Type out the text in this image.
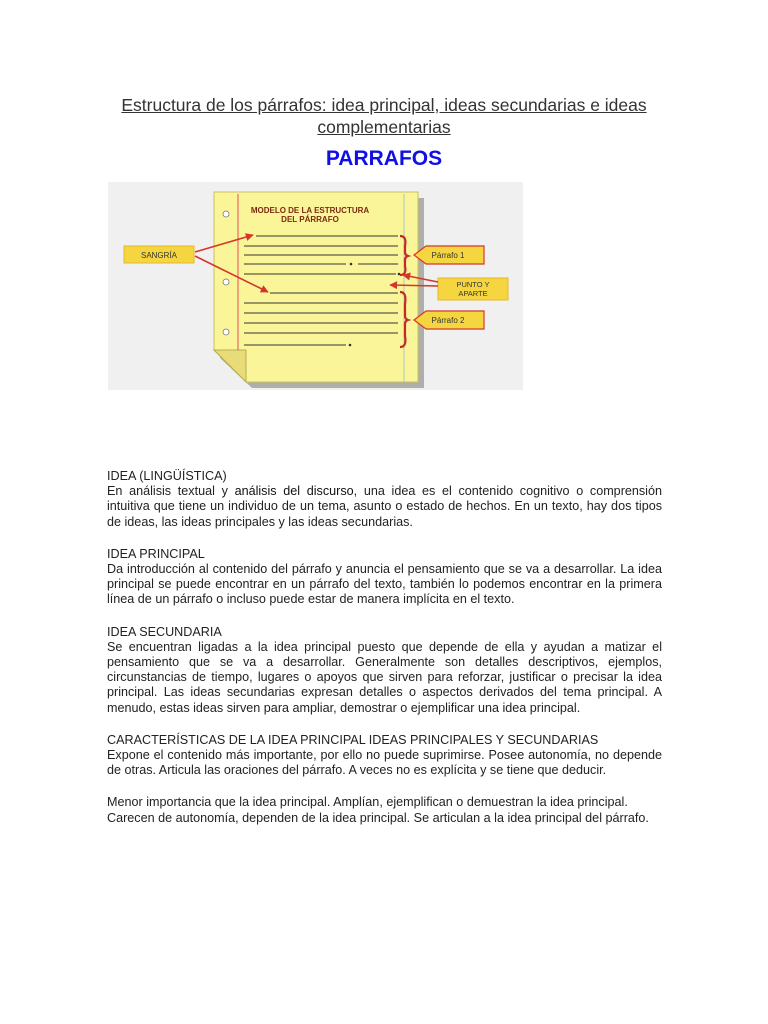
Estructura de los párrafos: idea principal, ideas secundarias e ideas complementarias
PARRAFOS
MODELO DE LA ESTRUCTURA
DEL PÁRRAFO
SANGRÍA	Párrafo 1
PUNTO Y
APARTE
Párrafo 2
IDEA (LINGÜÍSTICA)
En análisis textual y análisis del discurso, una idea es el contenido cognitivo o comprensión intuitiva que tiene un individuo de un tema, asunto o estado de hechos. En un texto, hay dos tipos de ideas, las ideas principales y las ideas secundarias.
IDEA PRINCIPAL
Da introducción al contenido del párrafo y anuncia el pensamiento que se va a desarrollar. La idea principal se puede encontrar en un párrafo del texto, también lo podemos encontrar en la primera línea de un párrafo o incluso puede estar de manera implícita en el texto.
IDEA SECUNDARIA
Se encuentran ligadas a la idea principal puesto que depende de ella y ayudan a matizar el pensamiento que se va a desarrollar. Generalmente son detalles descriptivos, ejemplos, circunstancias de tiempo, lugares o apoyos que sirven para reforzar, justificar o precisar la idea principal. Las ideas secundarias expresan detalles o aspectos derivados del tema principal. A menudo, estas ideas sirven para ampliar, demostrar o ejemplificar una idea principal.
CARACTERÍSTICAS DE LA IDEA PRINCIPAL IDEAS PRINCIPALES Y SECUNDARIAS
Expone el contenido más importante, por ello no puede suprimirse. Posee autonomía, no depende de otras. Articula las oraciones del párrafo. A veces no es explícita y se tiene que deducir.
Menor importancia que la idea principal. Amplían, ejemplifican o demuestran la idea principal. Carecen de autonomía, dependen de la idea principal. Se articulan a la idea principal del párrafo.
